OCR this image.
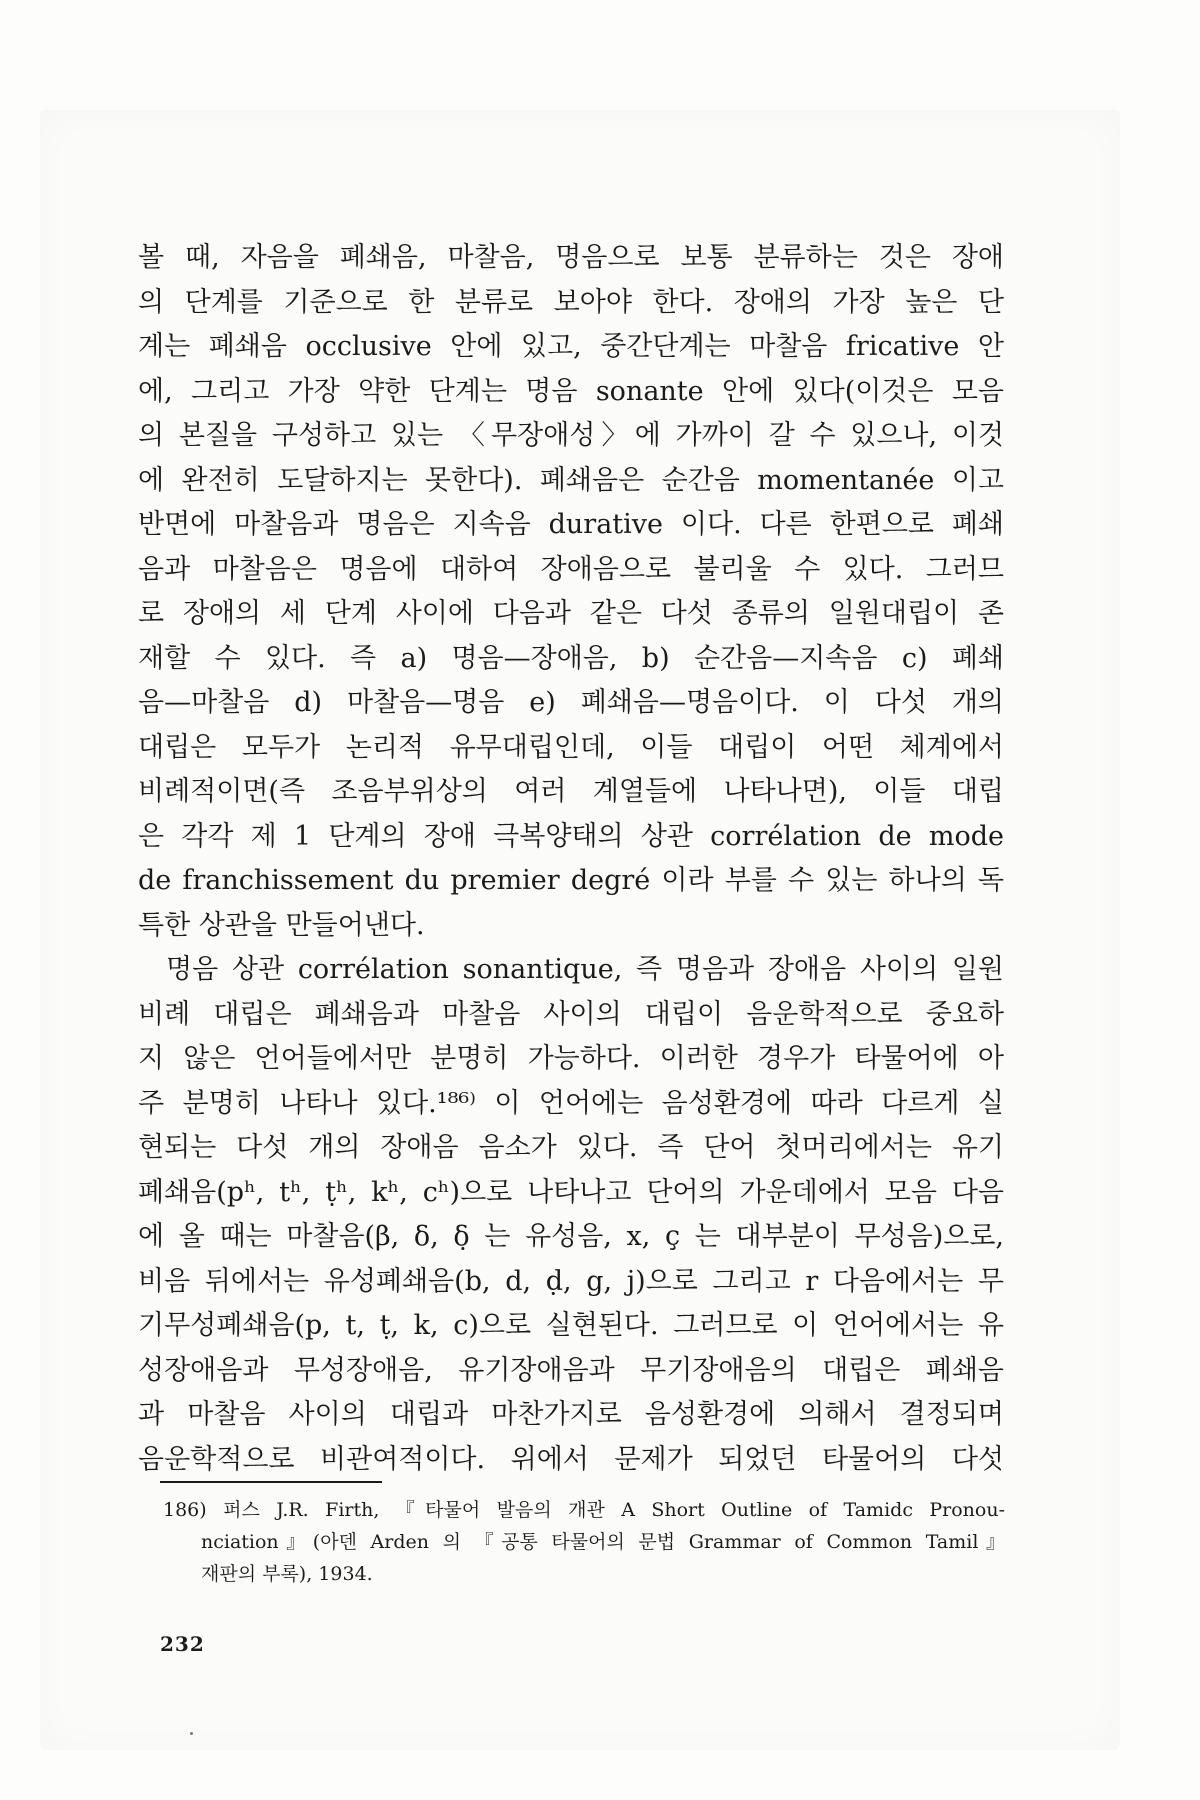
볼 때, 자음을 폐쇄음, 마찰음, 명음으로 보통 분류하는 것은 장애
의 단계를 기준으로 한 분류로 보아야 한다. 장애의 가장 높은 단
계는 폐쇄음 occlusive 안에 있고, 중간단계는 마찰음 fricative 안
에, 그리고 가장 약한 단계는 명음 sonante 안에 있다(이것은 모음
의 본질을 구성하고 있는 〈무장애성〉에 가까이 갈 수 있으나, 이것
에 완전히 도달하지는 못한다). 폐쇄음은 순간음 momentanée 이고
반면에 마찰음과 명음은 지속음 durative 이다. 다른 한편으로 폐쇄
음과 마찰음은 명음에 대하여 장애음으로 불리울 수 있다. 그러므
로 장애의 세 단계 사이에 다음과 같은 다섯 종류의 일원대립이 존
재할 수 있다. 즉 a) 명음—장애음, b) 순간음—지속음 c) 폐쇄
음—마찰음 d) 마찰음—명음 e) 폐쇄음—명음이다. 이 다섯 개의
대립은 모두가 논리적 유무대립인데, 이들 대립이 어떤 체계에서
비례적이면(즉 조음부위상의 여러 계열들에 나타나면), 이들 대립
은 각각 제 1 단계의 장애 극복양태의 상관 corrélation de mode
de franchissement du premier degré 이라 부를 수 있는 하나의 독
특한 상관을 만들어낸다.
명음 상관 corrélation sonantique, 즉 명음과 장애음 사이의 일원
비례 대립은 폐쇄음과 마찰음 사이의 대립이 음운학적으로 중요하
지 않은 언어들에서만 분명히 가능하다. 이러한 경우가 타물어에 아
주 분명히 나타나 있다.¹⁸⁶⁾ 이 언어에는 음성환경에 따라 다르게 실
현되는 다섯 개의 장애음 음소가 있다. 즉 단어 첫머리에서는 유기
폐쇄음(pʰ, tʰ, ṭʰ, kʰ, cʰ)으로 나타나고 단어의 가운데에서 모음 다음
에 올 때는 마찰음(β, δ, δ̣ 는 유성음, x, ç 는 대부분이 무성음)으로,
비음 뒤에서는 유성폐쇄음(b, d, ḍ, g, j)으로 그리고 r 다음에서는 무
기무성폐쇄음(p, t, ṭ, k, c)으로 실현된다. 그러므로 이 언어에서는 유
성장애음과 무성장애음, 유기장애음과 무기장애음의 대립은 폐쇄음
과 마찰음 사이의 대립과 마찬가지로 음성환경에 의해서 결정되며
음운학적으로 비관여적이다. 위에서 문제가 되었던 타물어의 다섯
186) 퍼스 J.R. Firth, 『타물어 발음의 개관 A Short Outline of Tamidc Pronou-
nciation』(아덴 Arden 의 『공통 타물어의 문법 Grammar of Common Tamil』
재판의 부록), 1934.
232
